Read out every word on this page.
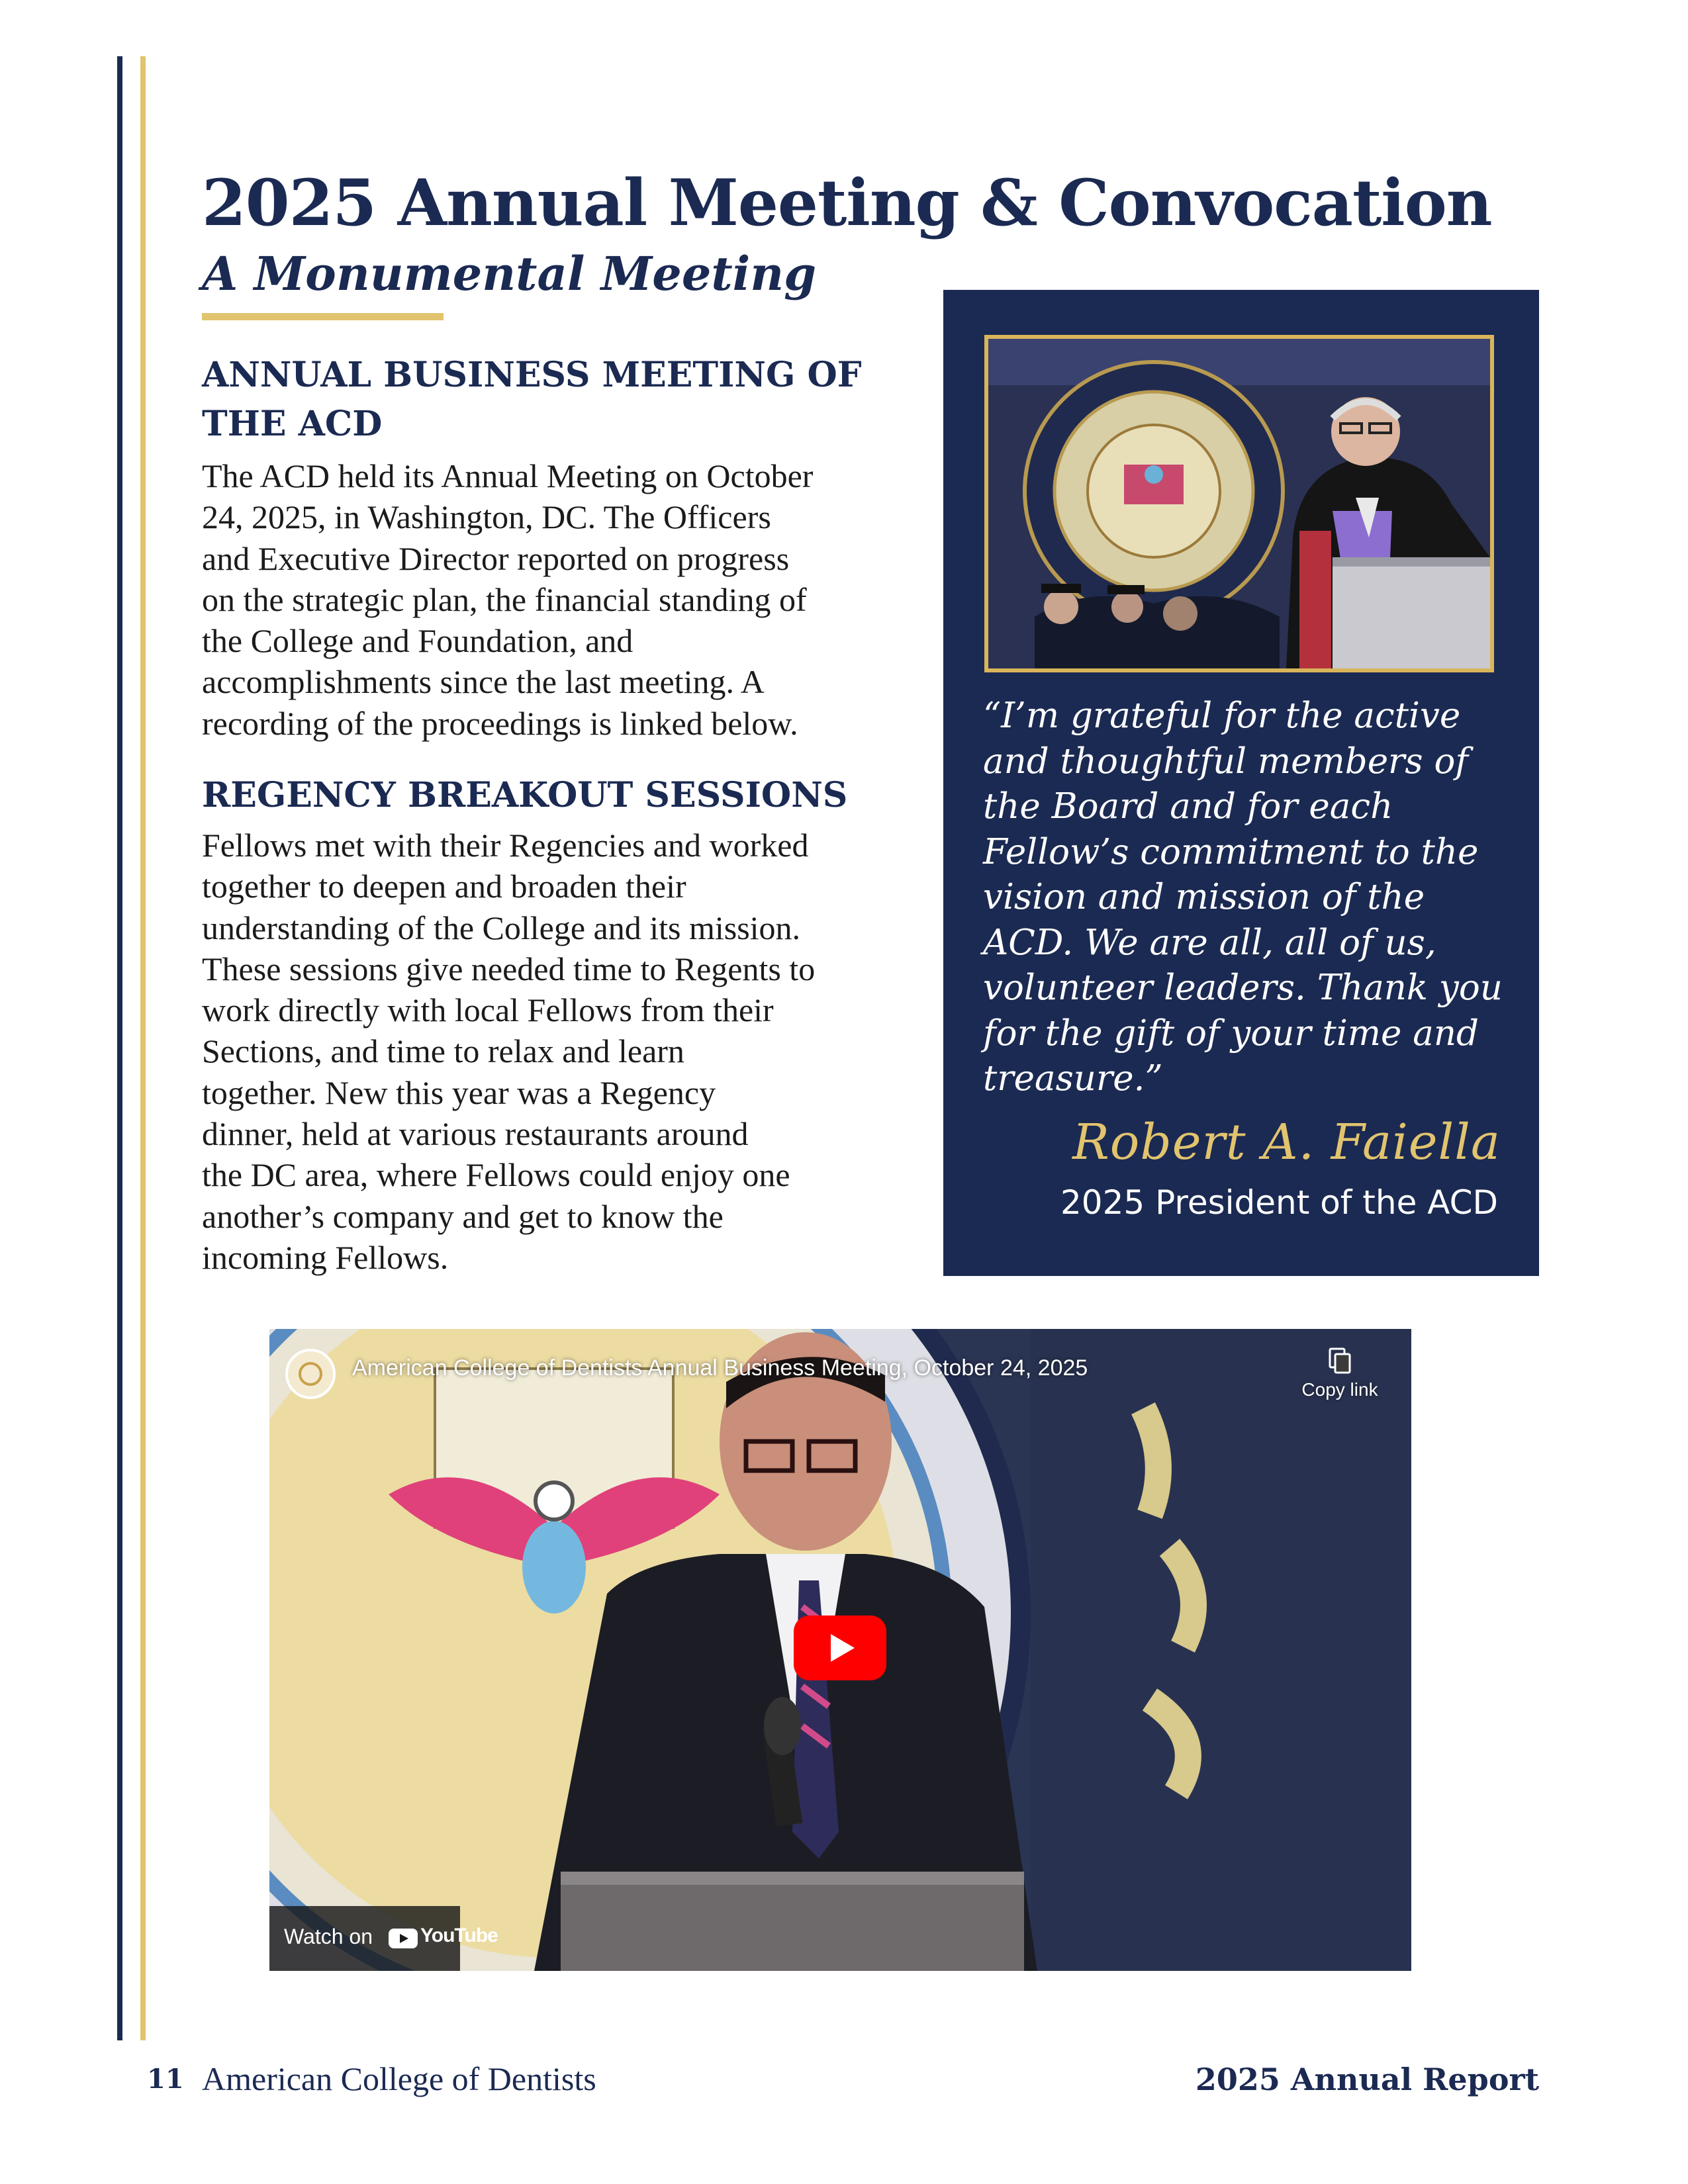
2025 Annual Meeting & Convocation
A Monumental Meeting
ANNUAL BUSINESS MEETING OF THE ACD

The ACD held its Annual Meeting on October
24, 2025, in Washington, DC. The Officers
and Executive Director reported on progress
on the strategic plan, the financial standing of
the College and Foundation, and
accomplishments since the last meeting. A
recording of the proceedings is linked below.

REGENCY BREAKOUT SESSIONS

Fellows met with their Regencies and worked
together to deepen and broaden their
understanding of the College and its mission.
These sessions give needed time to Regents to
work directly with local Fellows from their
Sections, and time to relax and learn
together. New this year was a Regency
dinner, held at various restaurants around
the DC area, where Fellows could enjoy one
another’s company and get to know the
incoming Fellows.

“I’m grateful for the active
and thoughtful members of
the Board and for each
Fellow’s commitment to the
vision and mission of the
ACD. We are all, all of us,
volunteer leaders. Thank you
for the gift of your time and
treasure.”

Robert A. Faiella

2025 President of the ACD

American College of Dentists Annual Business Meeting, October 24, 2025

Copy link

Watch on YouTube

11 American College of Dentists	2025 Annual Report
